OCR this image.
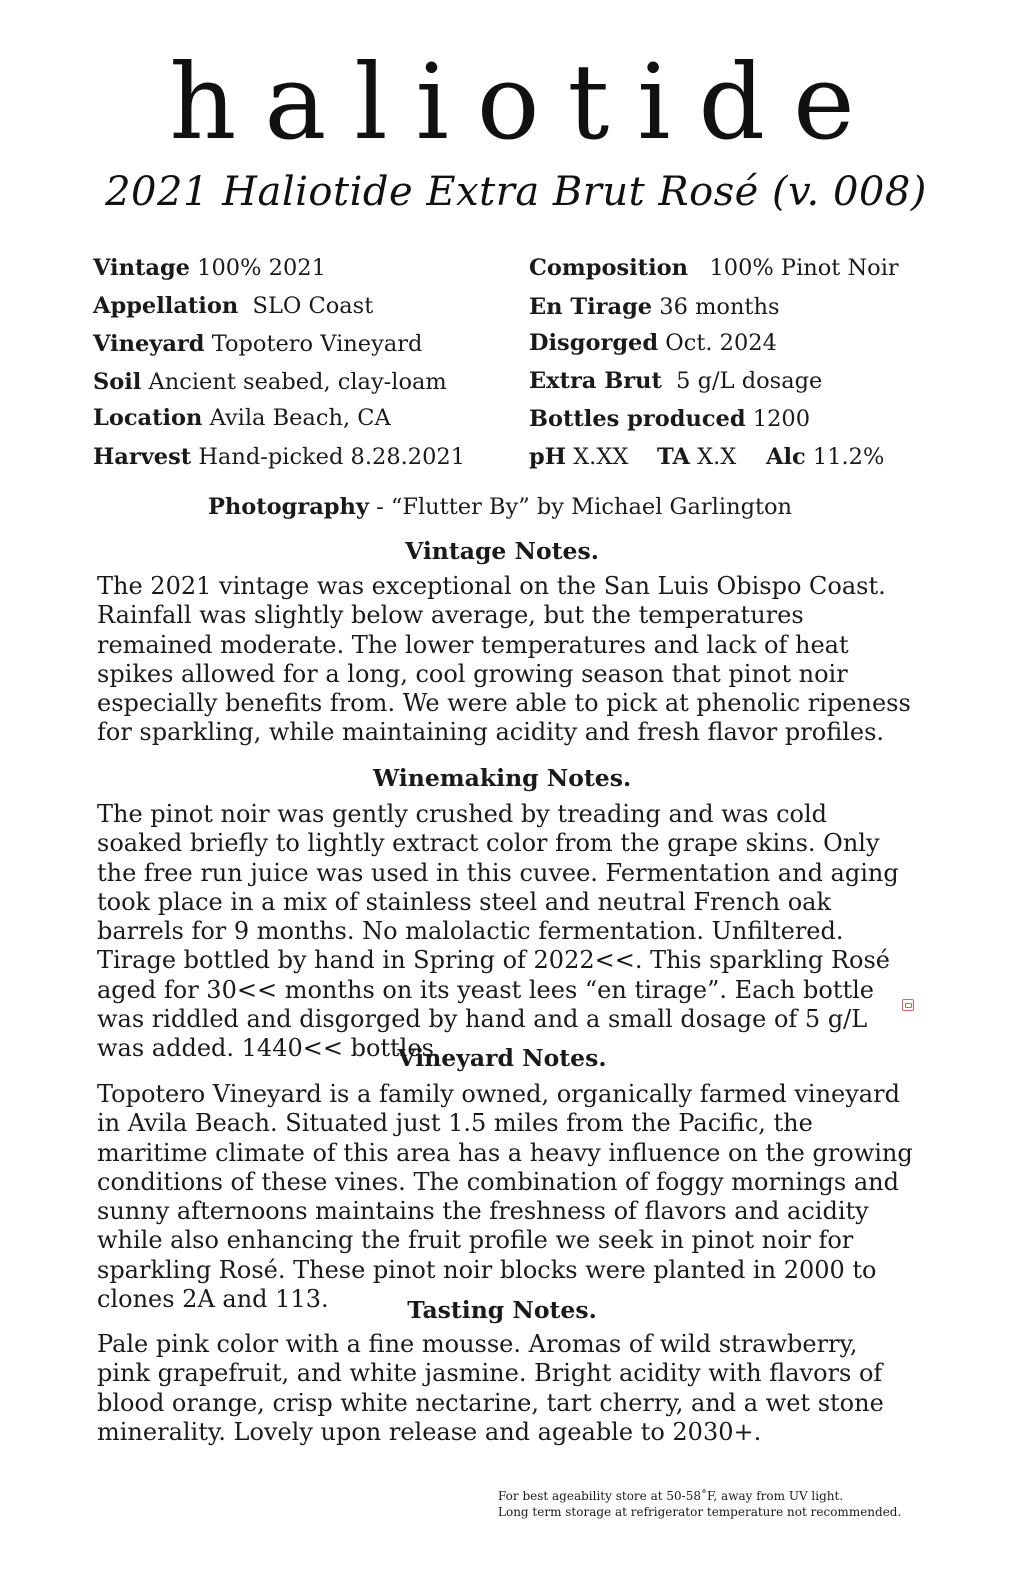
haliotide
2021 Haliotide Extra Brut Rosé (v. 008)
Vintage 100% 2021
Appellation SLO Coast
Vineyard Topotero Vineyard
Soil Ancient seabed, clay-loam
Location Avila Beach, CA
Harvest Hand-picked 8.28.2021
Composition 100% Pinot Noir
En Tirage 36 months
Disgorged Oct. 2024
Extra Brut 5 g/L dosage
Bottles produced 1200
pH X.XX TA X.X Alc 11.2%
Photography - “Flutter By” by Michael Garlington
Vintage Notes.

The 2021 vintage was exceptional on the San Luis Obispo Coast. Rainfall was slightly below average, but the temperatures remained moderate. The lower temperatures and lack of heat spikes allowed for a long, cool growing season that pinot noir especially benefits from. We were able to pick at phenolic ripeness for sparkling, while maintaining acidity and fresh flavor profiles.

Winemaking Notes.

The pinot noir was gently crushed by treading and was cold soaked briefly to lightly extract color from the grape skins. Only the free run juice was used in this cuvee. Fermentation and aging took place in a mix of stainless steel and neutral French oak barrels for 9 months. No malolactic fermentation. Unfiltered. Tirage bottled by hand in Spring of 2022<<. This sparkling Rosé aged for 30<< months on its yeast lees “en tirage”. Each bottle was riddled and disgorged by hand and a small dosage of 5 g/L was added. 1440<< bottles

Vineyard Notes.

Topotero Vineyard is a family owned, organically farmed vineyard in Avila Beach. Situated just 1.5 miles from the Pacific, the maritime climate of this area has a heavy influence on the growing conditions of these vines. The combination of foggy mornings and sunny afternoons maintains the freshness of flavors and acidity while also enhancing the fruit profile we seek in pinot noir for sparkling Rosé. These pinot noir blocks were planted in 2000 to clones 2A and 113.	Tasting Notes.

Pale pink color with a fine mousse. Aromas of wild strawberry, pink grapefruit, and white jasmine. Bright acidity with flavors of blood orange, crisp white nectarine, tart cherry, and a wet stone minerality. Lovely upon release and ageable to 2030+.

For best ageability store at 50-58˚F, away from UV light.
Long term storage at refrigerator temperature not recommended.
